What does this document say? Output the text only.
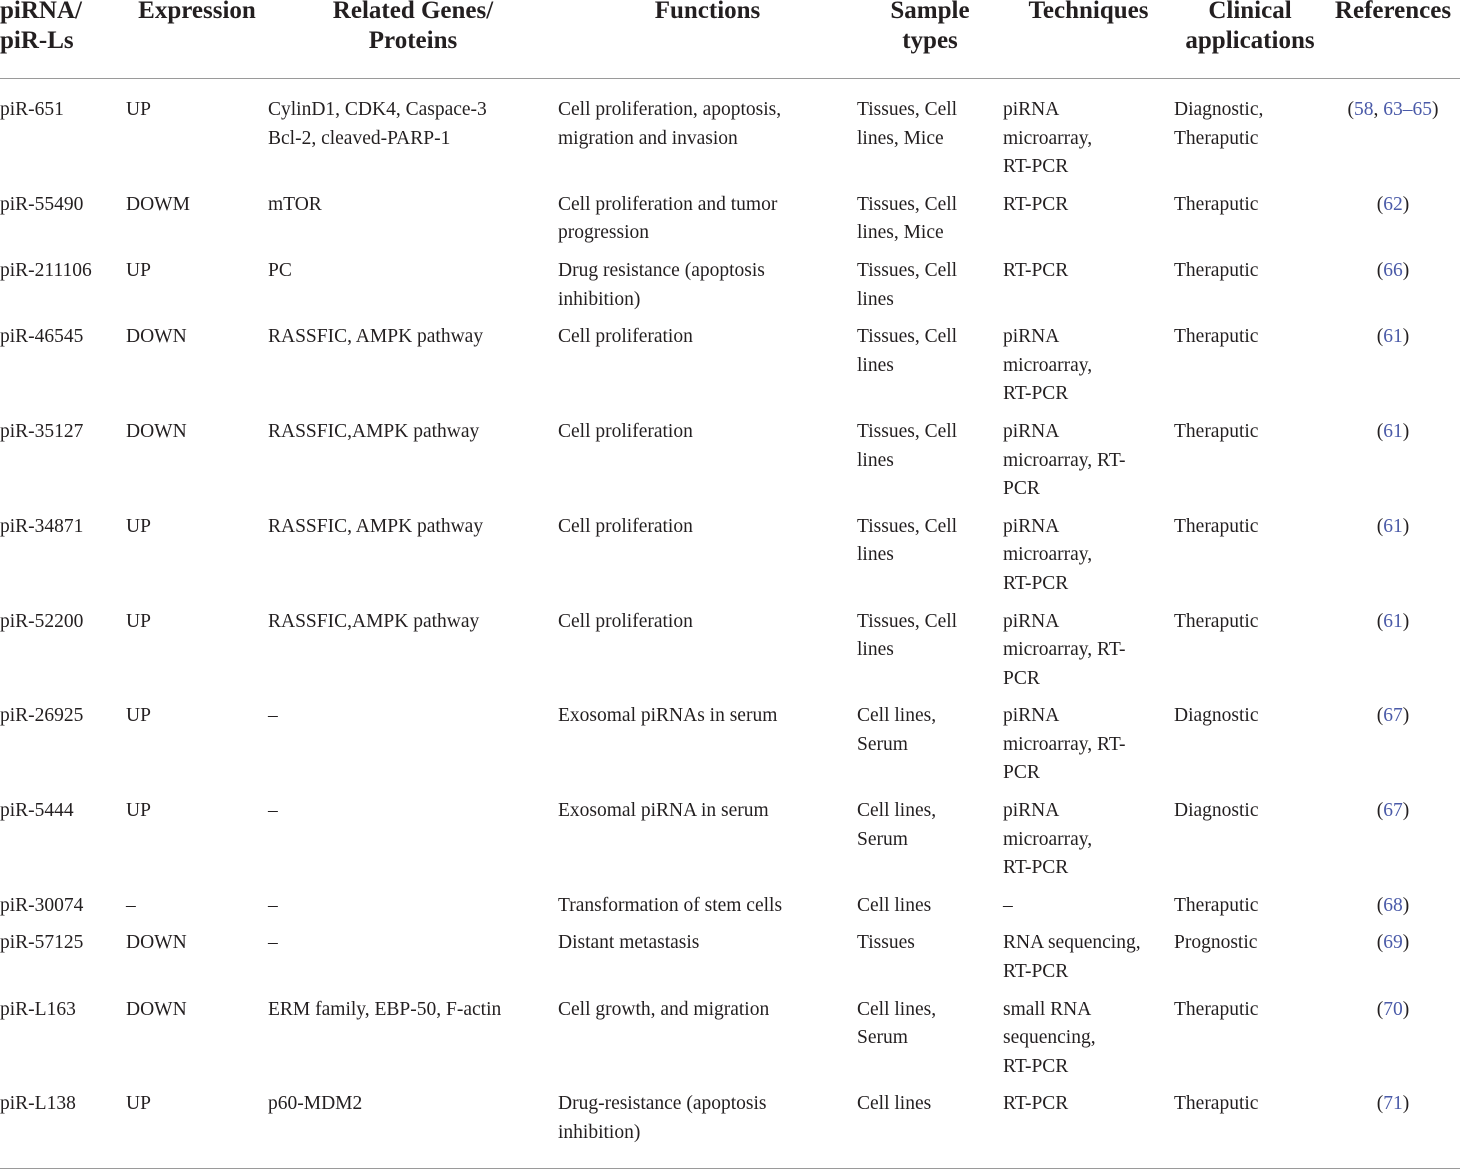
piRNA/
piR-Ls	Expression	Related Genes/
Proteins	Functions	Sample
types	Techniques	Clinical
applications	References

piR-651	UP	CylinD1, CDK4, Caspace-3
Bcl-2, cleaved-PARP-1	Cell proliferation, apoptosis,
migration and invasion	Tissues, Cell
lines, Mice	piRNA
microarray,
RT-PCR	Diagnostic,
Theraputic	(58, 63–65)
piR-55490	DOWM	mTOR	Cell proliferation and tumor
progression	Tissues, Cell
lines, Mice	RT-PCR	Theraputic	(62)
piR-211106	UP	PC	Drug resistance (apoptosis
inhibition)	Tissues, Cell
lines	RT-PCR	Theraputic	(66)
piR-46545	DOWN	RASSFIC, AMPK pathway	Cell proliferation	Tissues, Cell
lines	piRNA
microarray,
RT-PCR	Theraputic	(61)
piR-35127	DOWN	RASSFIC,AMPK pathway	Cell proliferation	Tissues, Cell
lines	piRNA
microarray, RT-
PCR	Theraputic	(61)
piR-34871	UP	RASSFIC, AMPK pathway	Cell proliferation	Tissues, Cell
lines	piRNA
microarray,
RT-PCR	Theraputic	(61)
piR-52200	UP	RASSFIC,AMPK pathway	Cell proliferation	Tissues, Cell
lines	piRNA
microarray, RT-
PCR	Theraputic	(61)
piR-26925	UP	–	Exosomal piRNAs in serum	Cell lines,
Serum	piRNA
microarray, RT-
PCR	Diagnostic	(67)
piR-5444	UP	–	Exosomal piRNA in serum	Cell lines,
Serum	piRNA
microarray,
RT-PCR	Diagnostic	(67)
piR-30074	–	–	Transformation of stem cells	Cell lines	–	Theraputic	(68)
piR-57125	DOWN	–	Distant metastasis	Tissues	RNA sequencing,
RT-PCR	Prognostic	(69)
piR-L163	DOWN	ERM family, EBP-50, F-actin	Cell growth, and migration	Cell lines,
Serum	small RNA
sequencing,
RT-PCR	Theraputic	(70)
piR-L138	UP	p60-MDM2	Drug-resistance (apoptosis
inhibition)	Cell lines	RT-PCR	Theraputic	(71)
